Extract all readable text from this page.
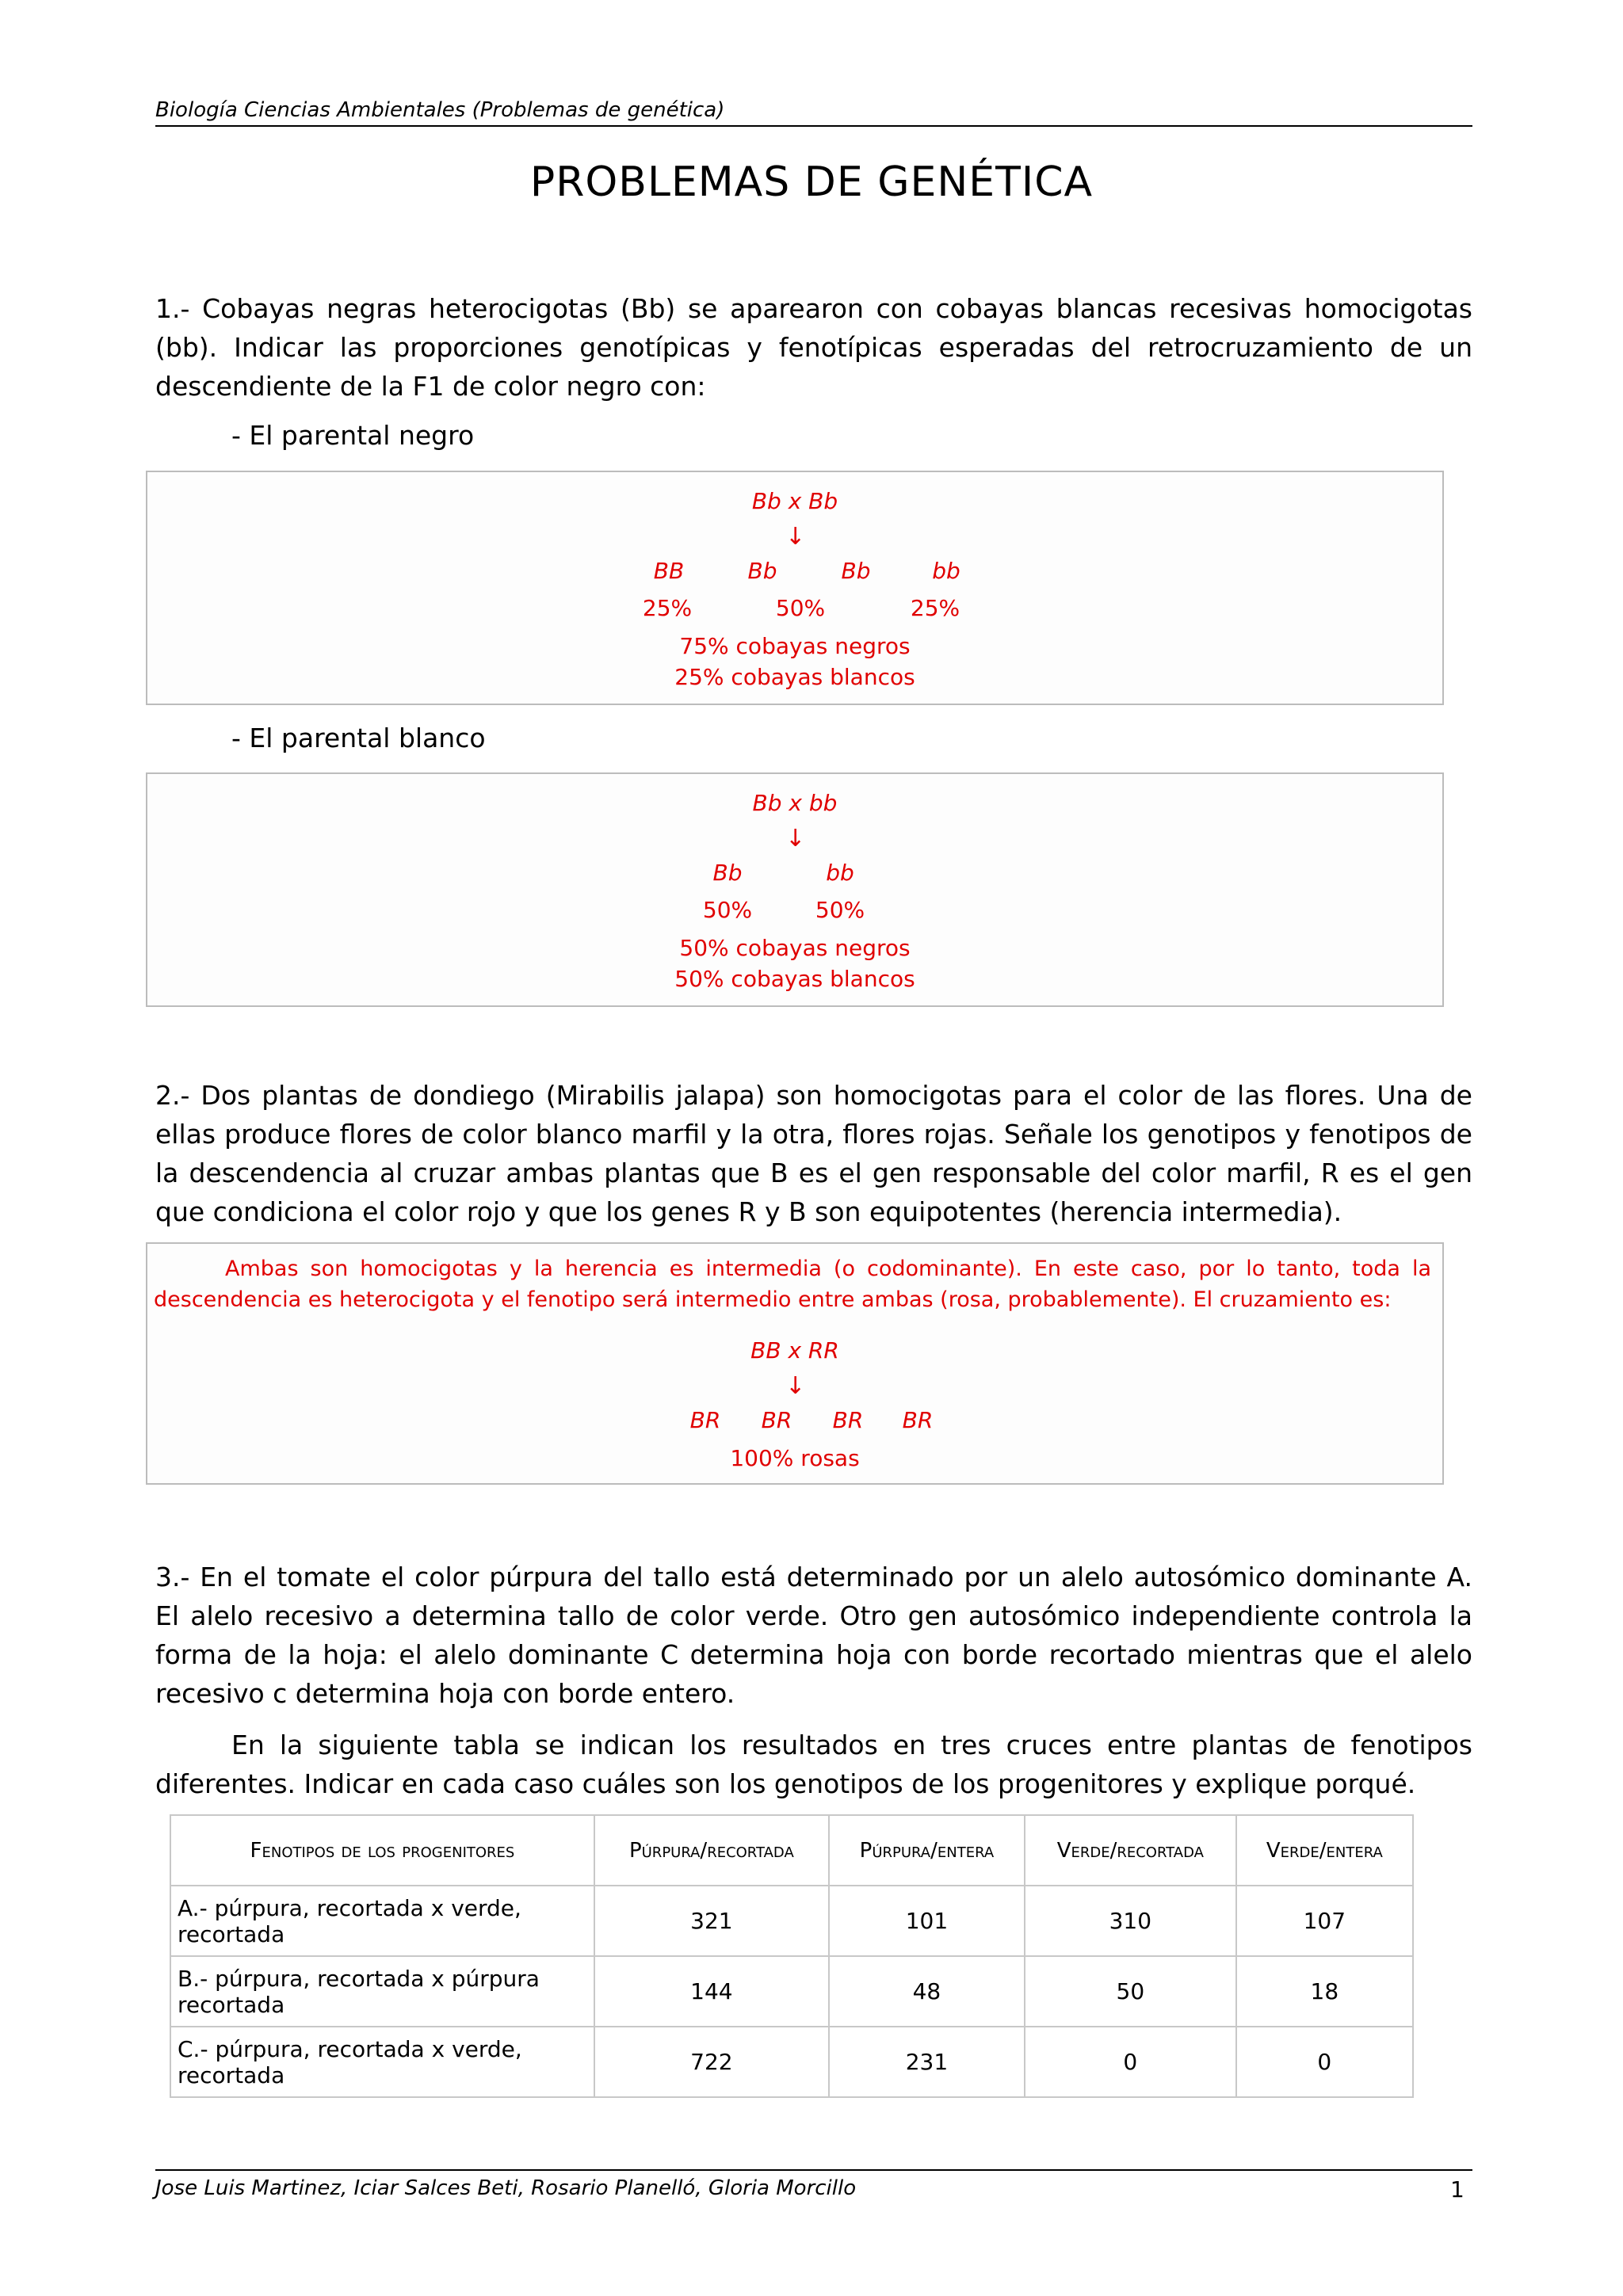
Biología Ciencias Ambientales (Problemas de genética)
PROBLEMAS DE GENÉTICA
1.- Cobayas negras heterocigotas (Bb) se aparearon con cobayas blancas recesivas homocigotas (bb). Indicar las proporciones genotípicas y fenotípicas esperadas del retrocruzamiento de un descendiente de la F1 de color negro con:
- El parental negro
Bb x Bb
↓
BB	Bb	Bb	bb
25%	50%	25%
75% cobayas negros
25% cobayas blancos
- El parental blanco
Bb x bb
↓
Bb	bb
50%	50%
50% cobayas negros
50% cobayas blancos
2.- Dos plantas de dondiego (Mirabilis jalapa) son homocigotas para el color de las flores. Una de ellas produce flores de color blanco marfil y la otra, flores rojas. Señale los genotipos y fenotipos de la descendencia al cruzar ambas plantas que B es el gen responsable del color marfil, R es el gen que condiciona el color rojo y que los genes R y B son equipotentes (herencia intermedia).
Ambas son homocigotas y la herencia es intermedia (o codominante). En este caso, por lo tanto, toda la descendencia es heterocigota y el fenotipo será intermedio entre ambas (rosa, probablemente). El cruzamiento es:
BB x RR
↓
BR	BR	BR	BR
100% rosas
3.- En el tomate el color púrpura del tallo está determinado por un alelo autosómico dominante A. El alelo recesivo a determina tallo de color verde. Otro gen autosómico independiente controla la forma de la hoja: el alelo dominante C determina hoja con borde recortado mientras que el alelo recesivo c determina hoja con borde entero.
En la siguiente tabla se indican los resultados en tres cruces entre plantas de fenotipos diferentes. Indicar en cada caso cuáles son los genotipos de los progenitores y explique porqué.
Fenotipos de los progenitores	Púrpura/recortada	Púrpura/entera	Verde/recortada	Verde/entera
A.- púrpura, recortada x verde, recortada	321	101	310	107
B.- púrpura, recortada x púrpura recortada	144	48	50	18
C.- púrpura, recortada x verde, recortada	722	231	0	0
Jose Luis Martinez, Iciar Salces Beti, Rosario Planelló, Gloria Morcillo	1
